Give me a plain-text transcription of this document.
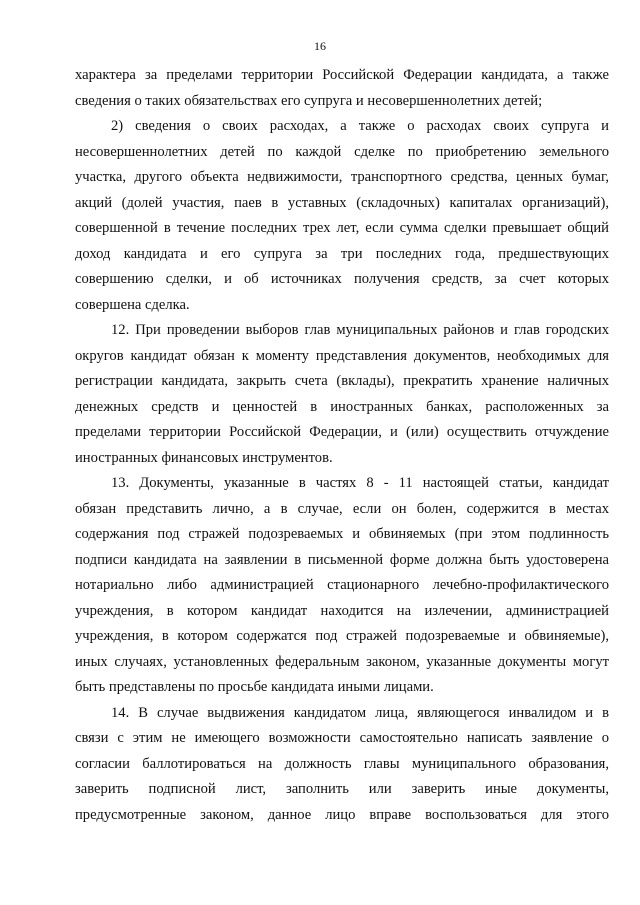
16

характера за пределами территории Российской Федерации кандидата, а также
сведения о таких обязательствах его супруга и несовершеннолетних детей;

2) сведения о своих расходах, а также о расходах своих супруга и
несовершеннолетних детей по каждой сделке по приобретению земельного
участка, другого объекта недвижимости, транспортного средства, ценных бумаг,
акций (долей участия, паев в уставных (складочных) капиталах организаций),
совершенной в течение последних трех лет, если сумма сделки превышает общий
доход кандидата и его супруга за три последних года, предшествующих
совершению сделки, и об источниках получения средств, за счет которых
совершена сделка.

12. При проведении выборов глав муниципальных районов и глав городских
округов кандидат обязан к моменту представления документов, необходимых для
регистрации кандидата, закрыть счета (вклады), прекратить хранение наличных
денежных средств и ценностей в иностранных банках, расположенных за
пределами территории Российской Федерации, и (или) осуществить отчуждение
иностранных финансовых инструментов.

13. Документы, указанные в частях 8 - 11 настоящей статьи, кандидат
обязан представить лично, а в случае, если он болен, содержится в местах
содержания под стражей подозреваемых и обвиняемых (при этом подлинность
подписи кандидата на заявлении в письменной форме должна быть удостоверена
нотариально либо администрацией стационарного лечебно-профилактического
учреждения, в котором кандидат находится на излечении, администрацией
учреждения, в котором содержатся под стражей подозреваемые и обвиняемые),
иных случаях, установленных федеральным законом, указанные документы могут
быть представлены по просьбе кандидата иными лицами.

14. В случае выдвижения кандидатом лица, являющегося инвалидом и в
связи с этим не имеющего возможности самостоятельно написать заявление о
согласии баллотироваться на должность главы муниципального образования,
заверить подписной лист, заполнить или заверить иные документы,
предусмотренные законом, данное лицо вправе воспользоваться для этого
